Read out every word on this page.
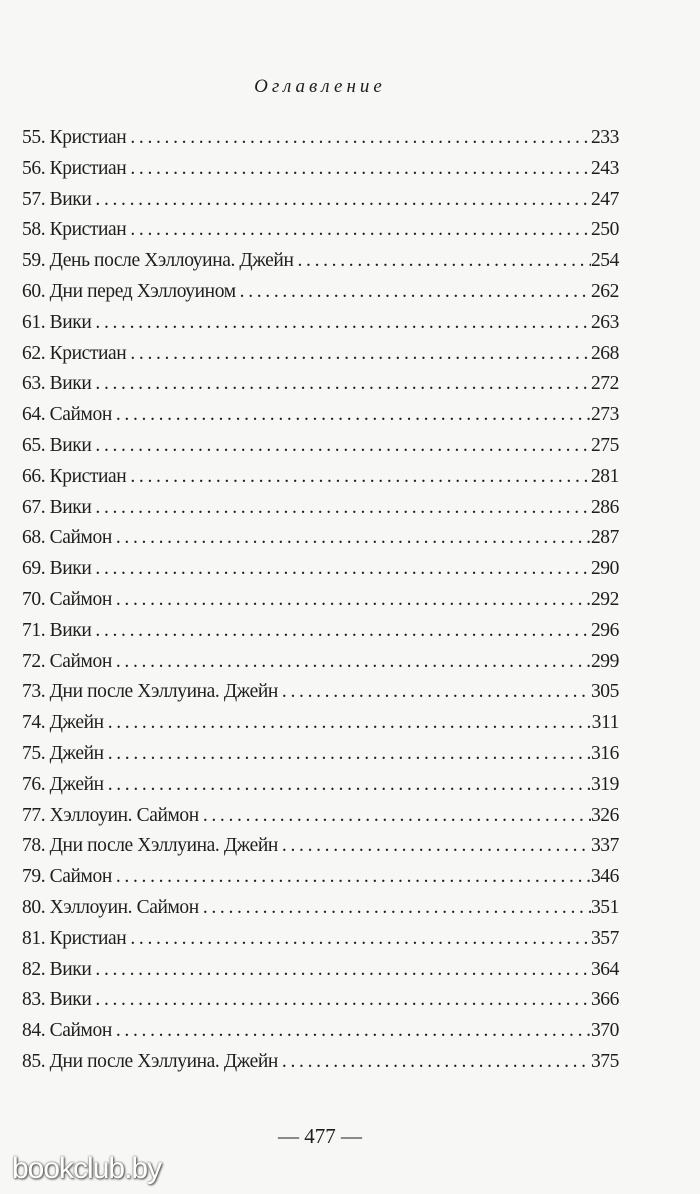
Оглавление
55. Кристиан . . .	233
56. Кристиан . . .	243
57. Вики . . .	247
58. Кристиан . . .	250
59. День после Хэллоуина. Джейн . . .	254
60. Дни перед Хэллоуином . . .	262
61. Вики . . .	263
62. Кристиан . . .	268
63. Вики . . .	272
64. Саймон . . .	273
65. Вики . . .	275
66. Кристиан . . .	281
67. Вики . . .	286
68. Саймон . . .	287
69. Вики . . .	290
70. Саймон . . .	292
71. Вики . . .	296
72. Саймон . . .	299
73. Дни после Хэллуина. Джейн . . .	305
74. Джейн . . .	311
75. Джейн . . .	316
76. Джейн . . .	319
77. Хэллоуин. Саймон . . .	326
78. Дни после Хэллуина. Джейн . . .	337
79. Саймон . . .	346
80. Хэллоуин. Саймон . . .	351
81. Кристиан . . .	357
82. Вики . . .	364
83. Вики . . .	366
84. Саймон . . .	370
85. Дни после Хэллуина. Джейн . . .	375
— 477 —
bookclub.by
